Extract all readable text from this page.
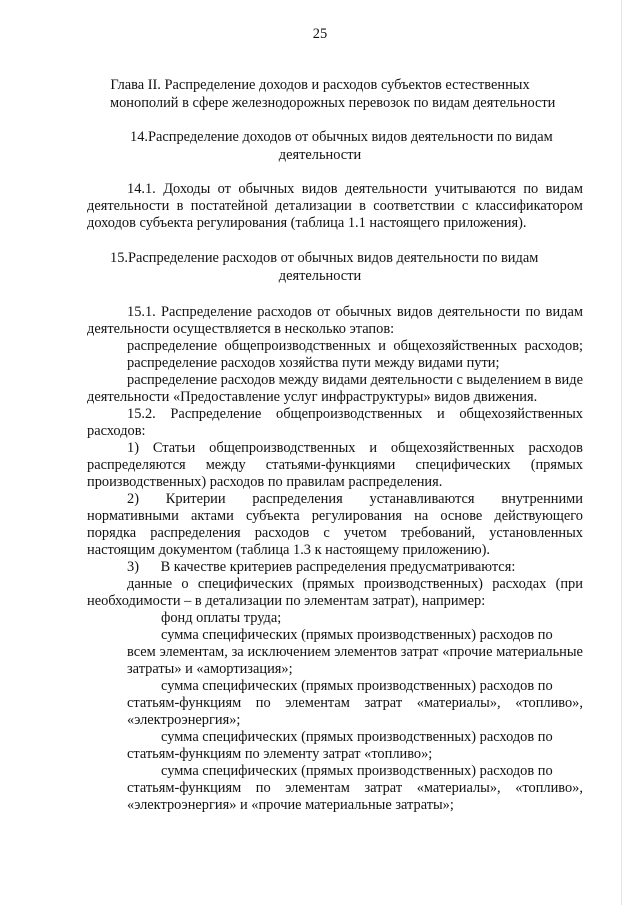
25

Глава II. Распределение доходов и расходов субъектов естественных

монополий в сфере железнодорожных перевозок по видам деятельности

14.Распределение доходов от обычных видов деятельности по видам

деятельности

14.1. Доходы от обычных видов деятельности учитываются по видам
деятельности в постатейной детализации в соответствии с классификатором

доходов субъекта регулирования (таблица 1.1 настоящего приложения).

15.Распределение расходов от обычных видов деятельности по видам

деятельности

15.1. Распределение расходов от обычных видов деятельности по видам

деятельности осуществляется в несколько этапов:

распределение общепроизводственных и общехозяйственных расходов;

распределение расходов хозяйства пути между видами пути;

распределение расходов между видами деятельности с выделением в виде

деятельности «Предоставление услуг инфраструктуры» видов движения.

15.2. Распределение общепроизводственных и общехозяйственных

расходов:

1) Статьи общепроизводственных и общехозяйственных расходов
распределяются между статьями-функциями специфических (прямых

производственных) расходов по правилам распределения.

2) Критерии распределения устанавливаются внутренними
нормативными актами субъекта регулирования на основе действующего
порядка распределения расходов с учетом требований, установленных

настоящим документом (таблица 1.3 к настоящему приложению).

3)      В качестве критериев распределения предусматриваются:

данные о специфических (прямых производственных) расходах (при

необходимости – в детализации по элементам затрат), например:

фонд оплаты труда;

сумма специфических (прямых производственных) расходов по

всем элементам, за исключением элементов затрат «прочие материальные

затраты» и «амортизация»;

сумма специфических (прямых производственных) расходов по

статьям-функциям по элементам затрат «материалы», «топливо»,

«электроэнергия»;

сумма специфических (прямых производственных) расходов по

статьям-функциям по элементу затрат «топливо»;

сумма специфических (прямых производственных) расходов по

статьям-функциям по элементам затрат «материалы», «топливо»,

«электроэнергия» и «прочие материальные затраты»;
